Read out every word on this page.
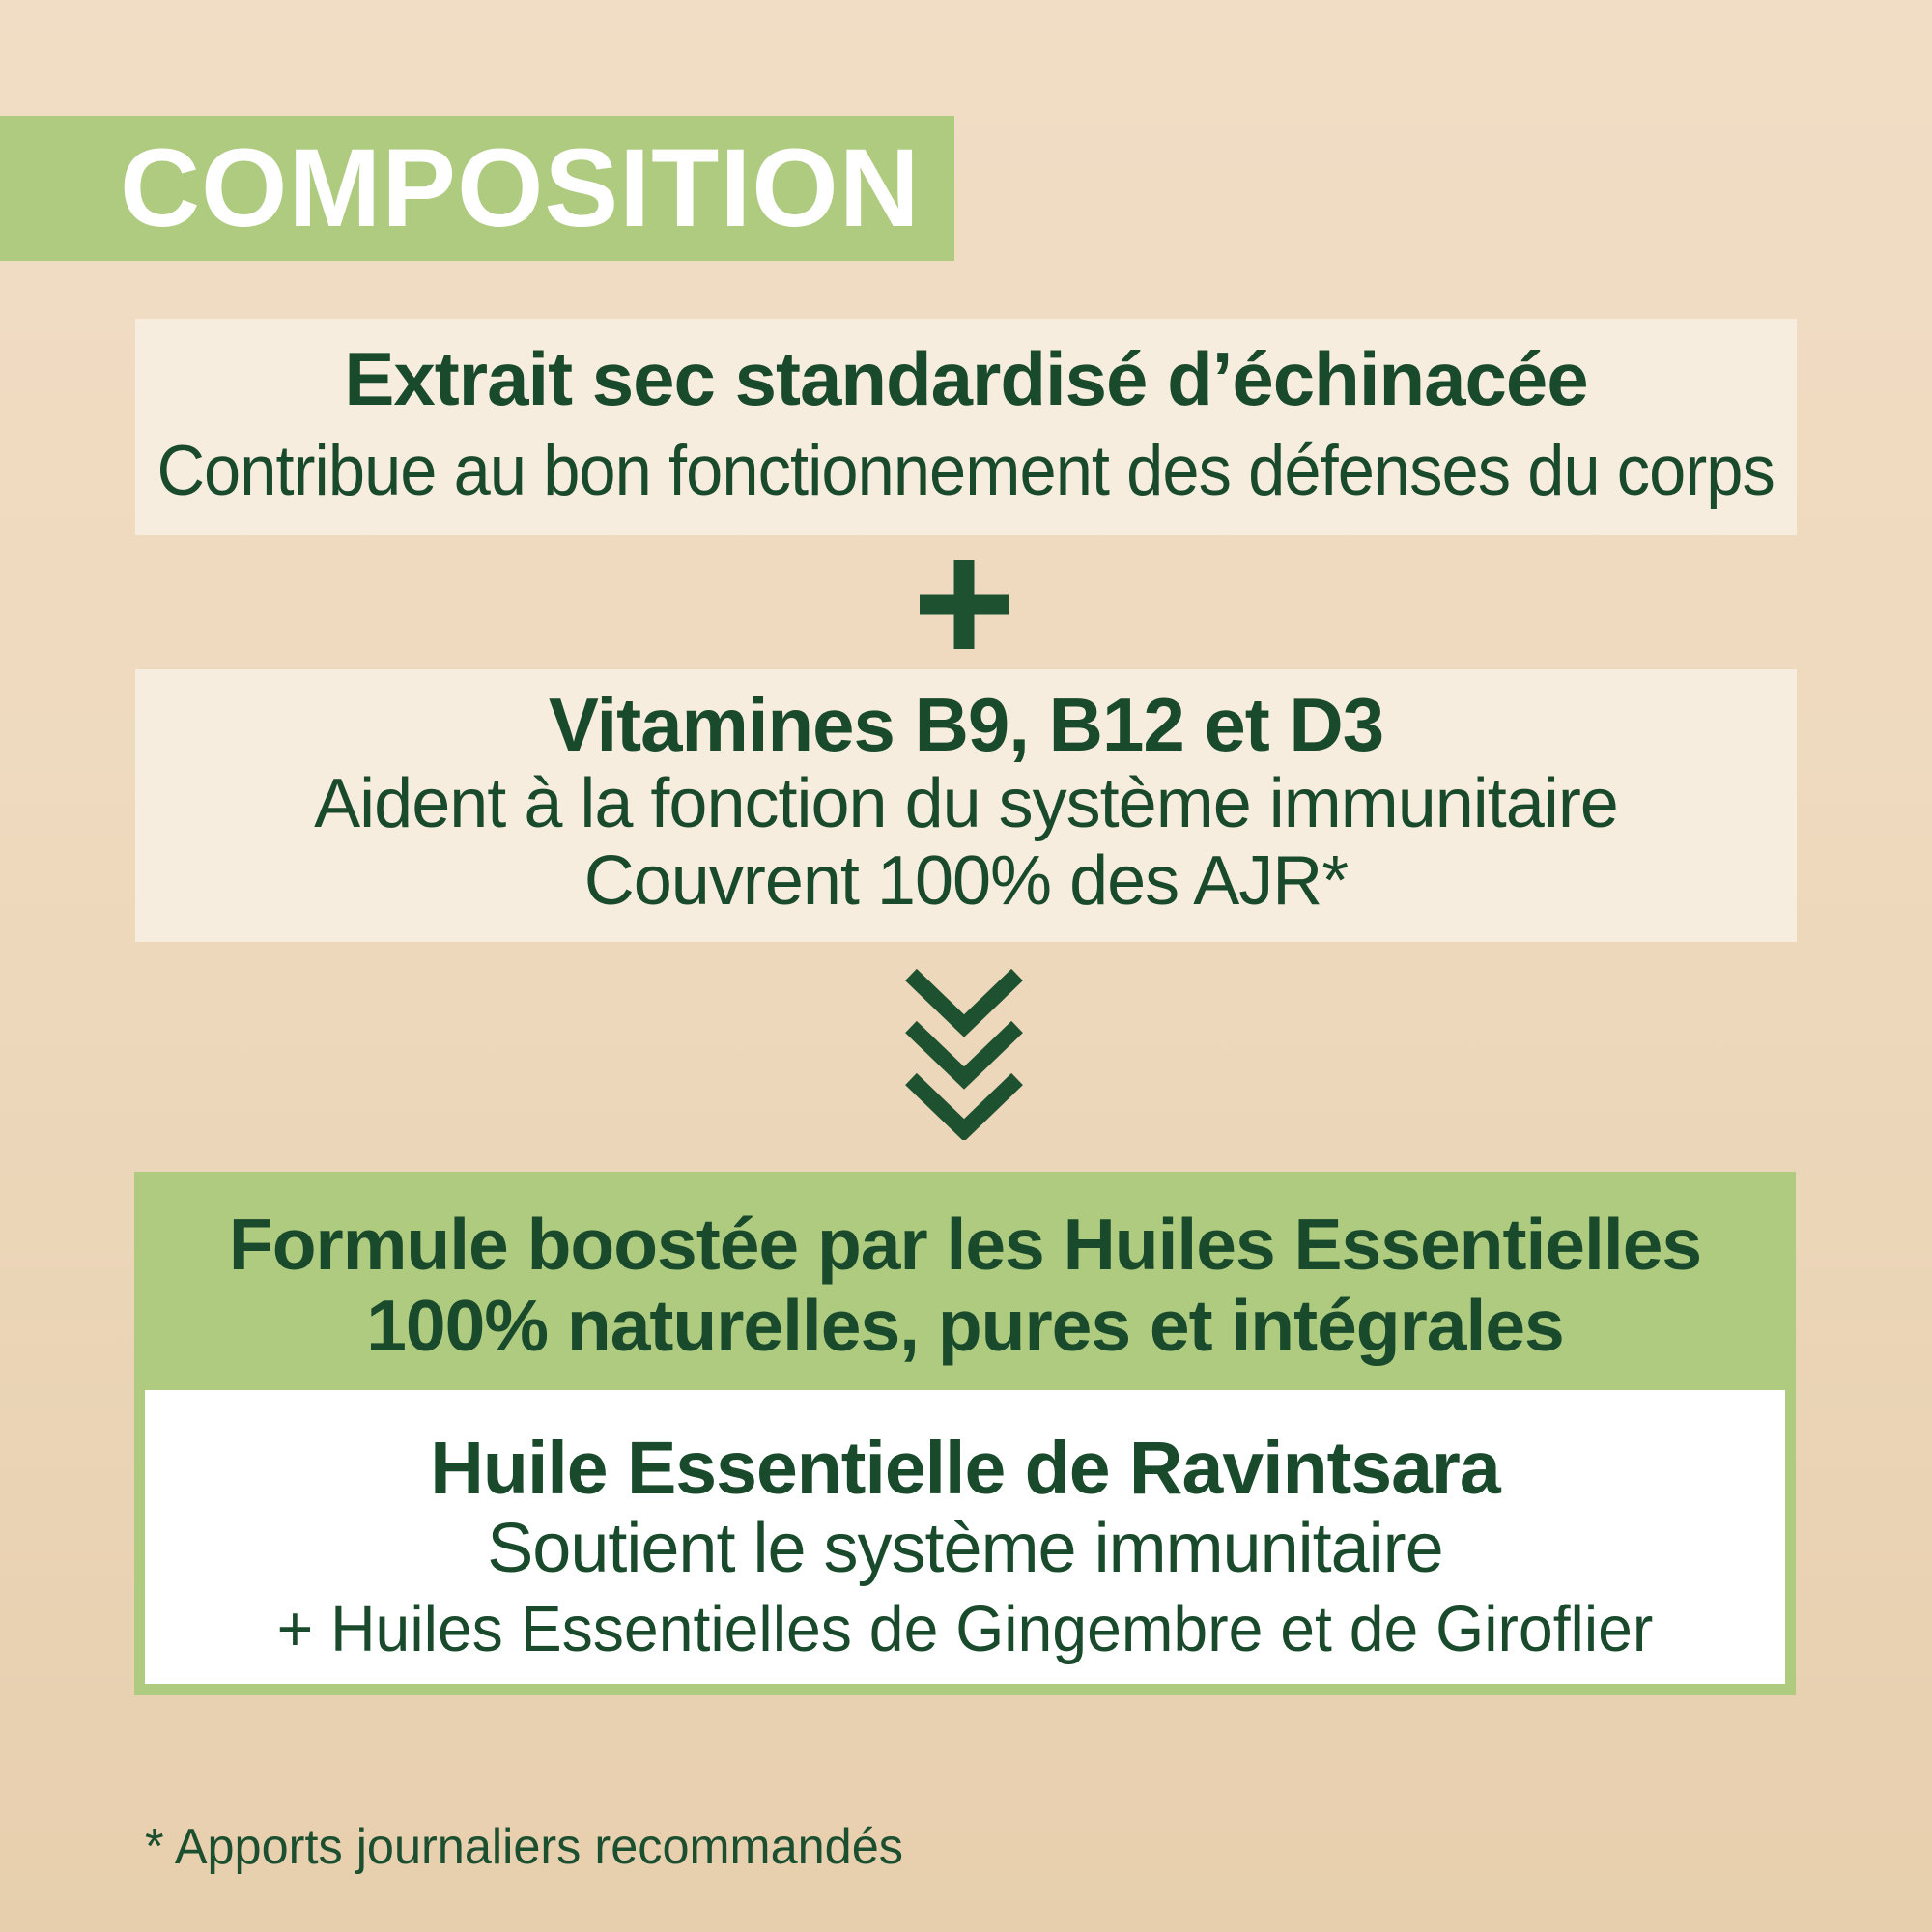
COMPOSITION
Extrait sec standardisé d’échinacée
Contribue au bon fonctionnement des défenses du corps
Vitamines B9, B12 et D3
Aident à la fonction du système immunitaire
Couvrent 100% des AJR*
Formule boostée par les Huiles Essentielles
100% naturelles, pures et intégrales
Huile Essentielle de Ravintsara
Soutient le système immunitaire
+ Huiles Essentielles de Gingembre et de Giroflier
* Apports journaliers recommandés
